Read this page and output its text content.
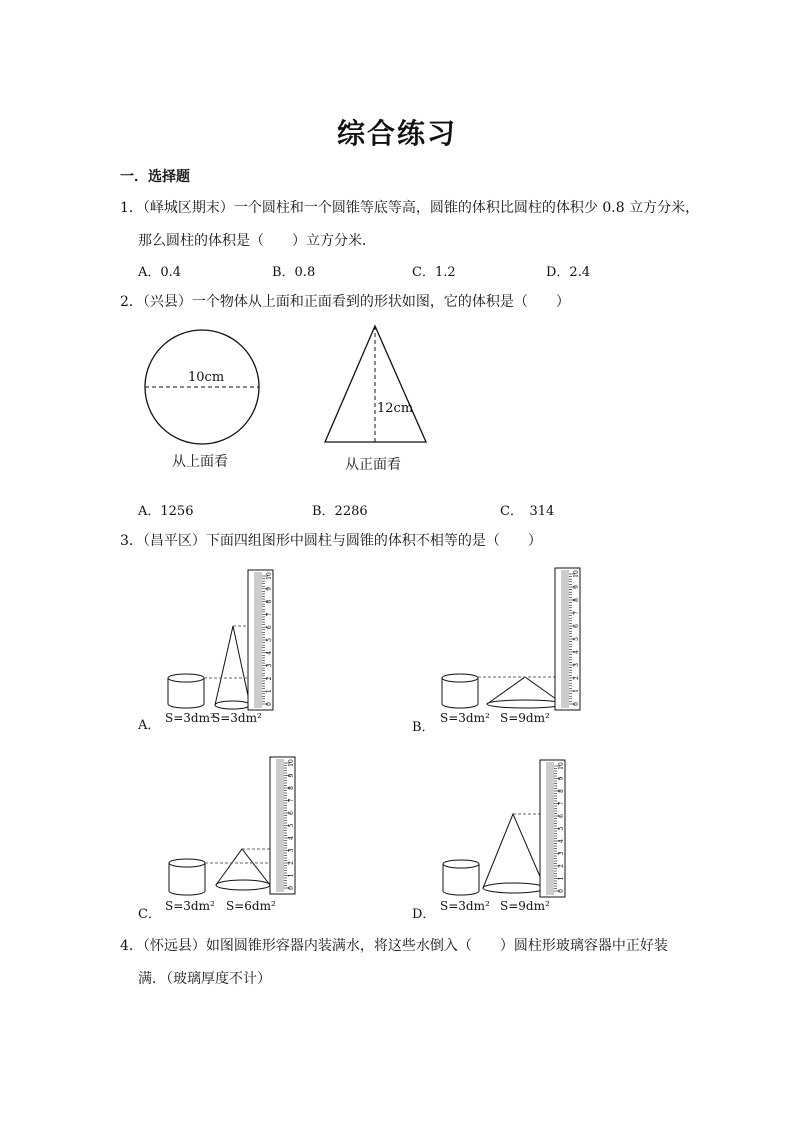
综合练习
一．选择题
1．（峄城区期末）一个圆柱和一个圆锥等底等高，圆锥的体积比圆柱的体积少 0.8 立方分米，
那么圆柱的体积是（　　）立方分米．
A．0.4	B．0.8	C．1.2	D．2.4
2．（兴县）一个物体从上面和正面看到的形状如图，它的体积是（　　）
10cm
从上面看
12cm
从正面看
A．1256	B．2286	C．　314
3．（昌平区）下面四组图形中圆柱与圆锥的体积不相等的是（　　）
0
1
2
3
4
5
6
7
8
9
10
A． S=3dm²
S=3dm²
0
1
2
3
4
5
6
7
8
9
10
B．
S=3dm² S=9dm²
0
1
2
3
4
5
6
7
8
9
10
C．
S=3dm² S=6dm²
0
1
2
3
4
5
6
7
8
9
10
D．
S=3dm² S=9dm²
4．（怀远县）如图圆锥形容器内装满水，将这些水倒入（　　）圆柱形玻璃容器中正好装
满．（玻璃厚度不计）
